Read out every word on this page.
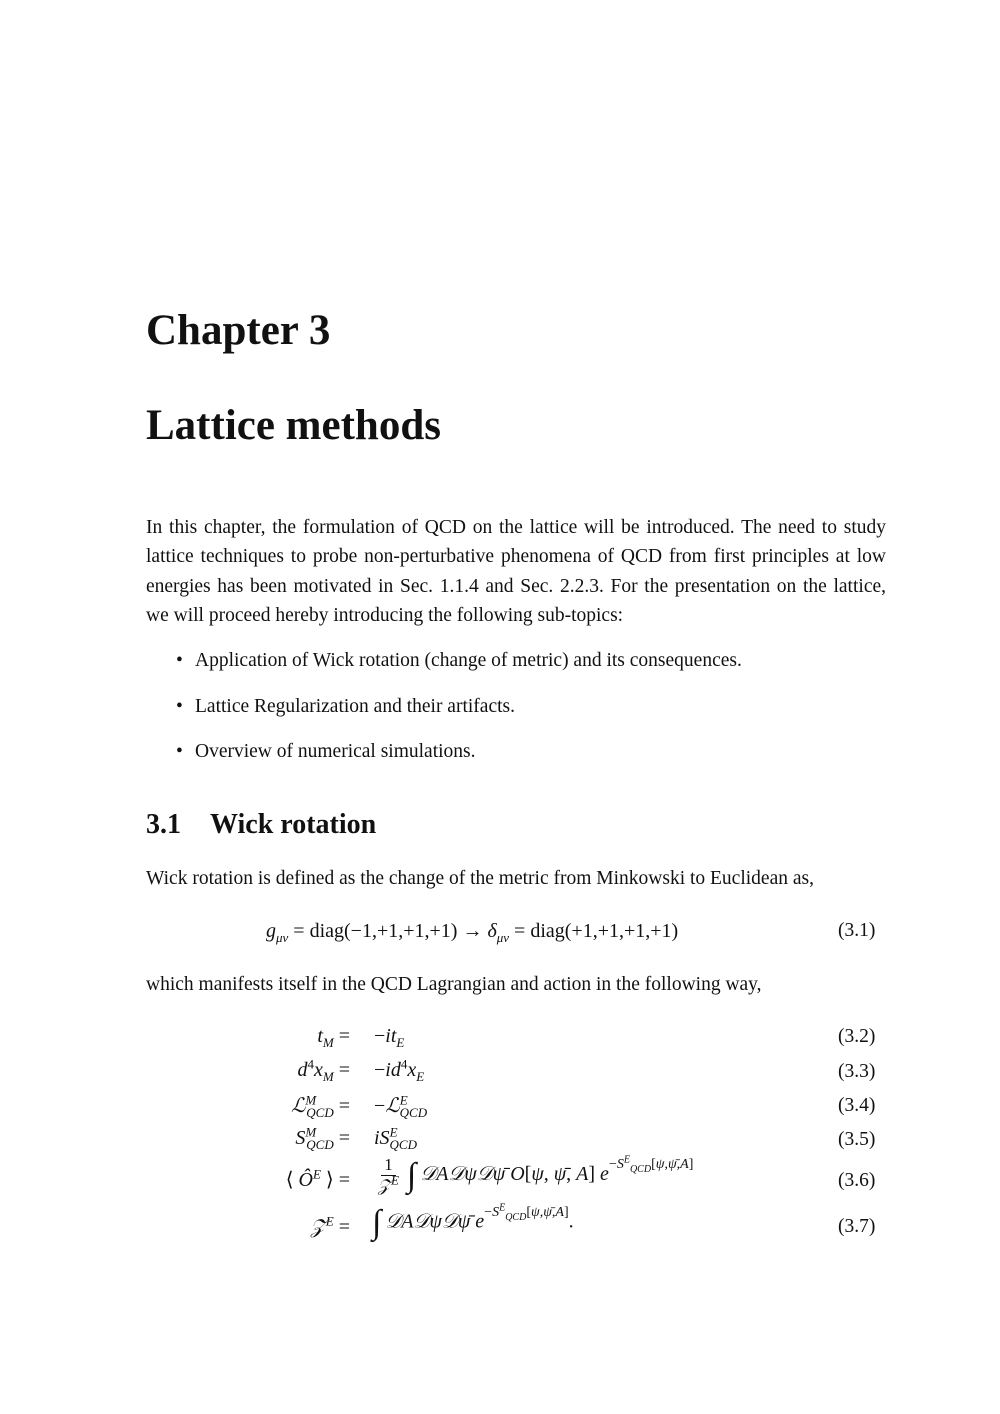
Chapter 3
Lattice methods

In this chapter, the formulation of QCD on the lattice will be introduced. The need to study lattice techniques to probe non-perturbative phenomena of QCD from first principles at low energies has been motivated in Sec. 1.1.4 and Sec. 2.2.3. For the presentation on the lattice, we will proceed hereby introducing the following sub-topics:

• Application of Wick rotation (change of metric) and its consequences.
• Lattice Regularization and their artifacts.
• Overview of numerical simulations.
3.1 Wick rotation

Wick rotation is defined as the change of the metric from Minkowski to Euclidean as,

$g_{\mu\nu}$ = diag(−1,+1,+1,+1) → $\delta_{\mu\nu}$ = diag(+1,+1,+1,+1)	(3.1)

which manifests itself in the QCD Lagrangian and action in the following way,

$t_M = -it_E$	(3.2)
$d^4x_M = -id^4x_E$	(3.3)
ℒ$^M_{QCD}$ = −ℒ$^E_{QCD}$	(3.4)
$S^M_{QCD} = iS^E_{QCD}$	(3.5)
⟨ $Ô^E$ ⟩ = $\frac{1}{𝒵^E}$ ∫ 𝒟A𝒟ψ𝒟ψ̄ O[ψ, ψ̄, A] $e^{-S^E_{QCD}[\psi,\psī,A]}$
(3.6)
𝒵$^E$ = ∫ 𝒟A𝒟ψ𝒟ψ̄ $e^{-S^E_{QCD}[\psi,\psī,A]}$.	(3.7)
